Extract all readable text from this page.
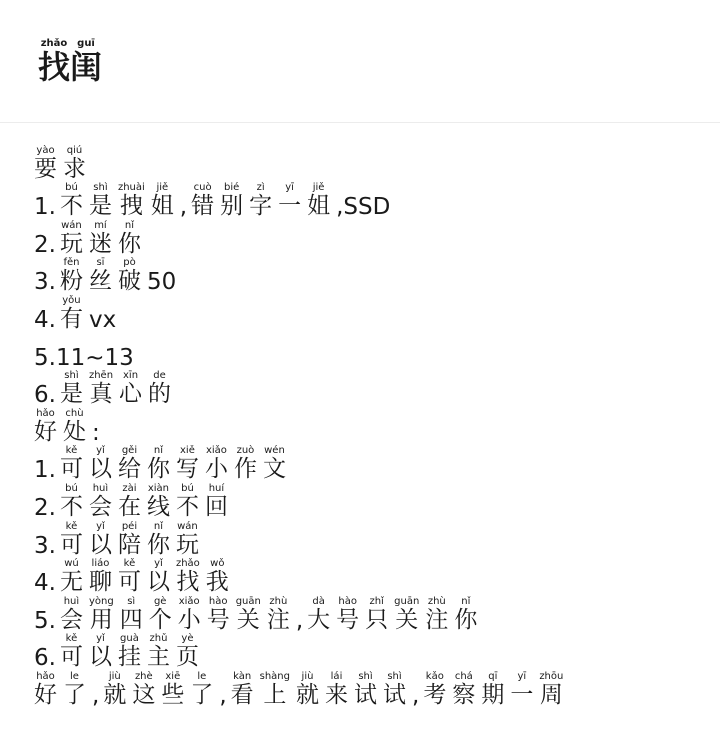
找zhǎo闺guī
要yào
求qiú
1. 不bú
是shì
拽zhuài
姐jiě
, 错cuò
别bié
字zì
一yī
姐jiě
,SSD
2. 玩wán
迷mí
你nǐ
3. 粉fěn
丝sī
破pò
50
4. 有yǒu
vx
5.11~13
6. 是shì
真zhēn
心xīn
的de
好hǎo
处chù
:
1. 可kě
以yǐ
给gěi
你nǐ
写xiě
小xiǎo
作zuò
文wén
2. 不bú
会huì
在zài
线xiàn
不bú
回huí
3. 可kě
以yǐ
陪péi
你nǐ
玩wán
4. 无wú
聊liáo
可kě
以yǐ
找zhǎo
我wǒ
5. 会huì
用yòng
四sì
个gè
小xiǎo
号hào
关guān
注zhù
, 大dà
号hào
只zhǐ
关guān
注zhù
你nǐ
6. 可kě
以yǐ
挂guà
主zhǔ
页yè
好hǎo
了le
, 就jiù
这zhè
些xiē
了le
, 看kàn
上shàng
就jiù
来lái
试shì
试shì
, 考kǎo
察chá
期qī
一yī
周zhōu
